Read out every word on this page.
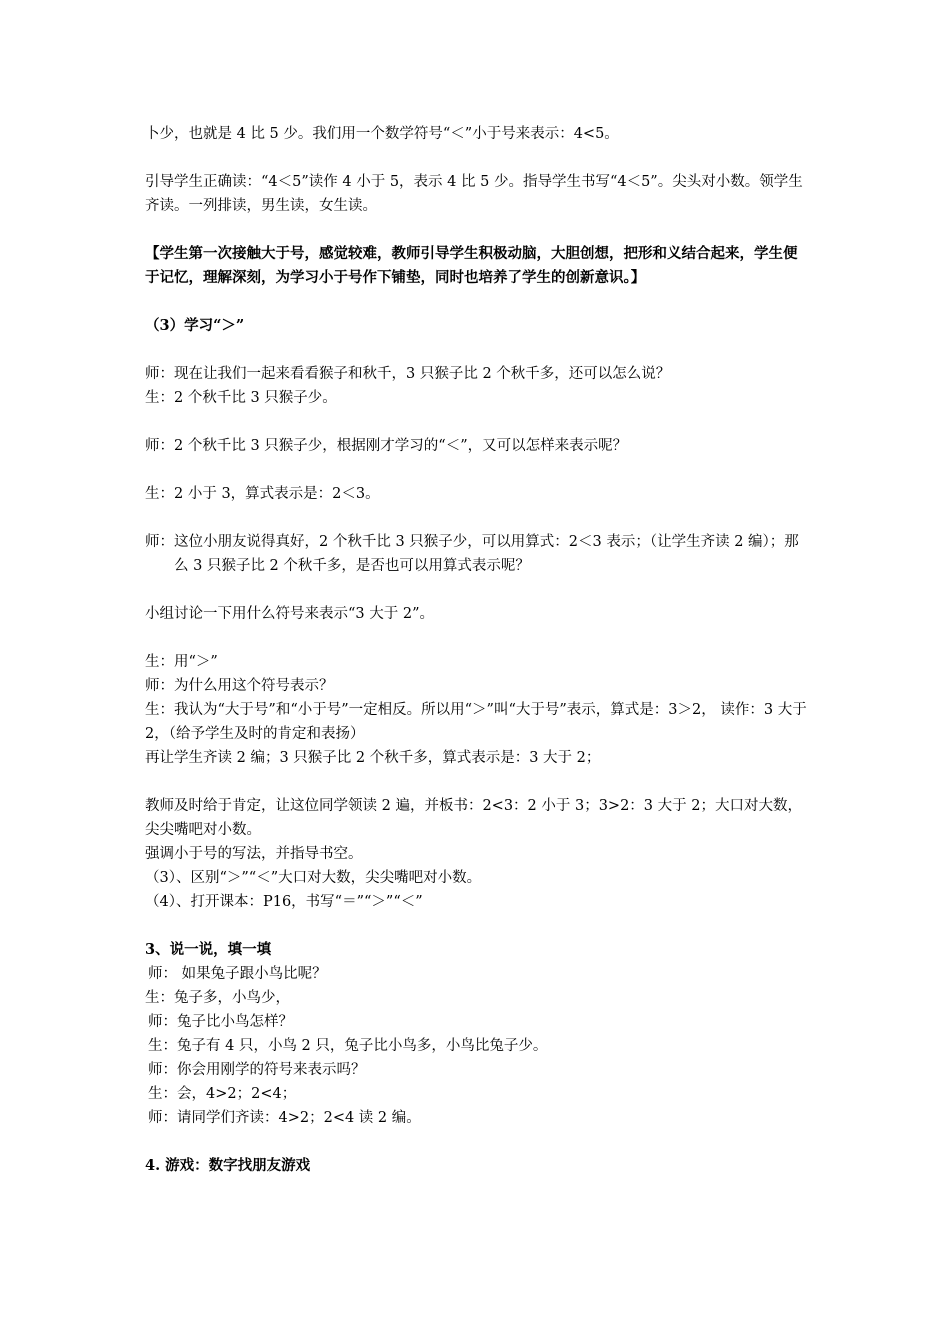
卜少，也就是 4 比 5 少。我们用一个数学符号“＜”小于号来表示：4<5。

引导学生正确读：“4＜5”读作 4 小于 5，表示 4 比 5 少。指导学生书写“4＜5”。尖头对小数。领学生齐读。一列排读，男生读，女生读。

【学生第一次接触大于号，感觉较难，教师引导学生积极动脑，大胆创想，把形和义结合起来，学生便于记忆，理解深刻，为学习小于号作下铺垫，同时也培养了学生的创新意识。】

（3）学习“＞”

师：现在让我们一起来看看猴子和秋千，3 只猴子比 2 个秋千多，还可以怎么说？

生：2 个秋千比 3 只猴子少。

师：2 个秋千比 3 只猴子少，根据刚才学习的“＜”，又可以怎样来表示呢？

生：2 小于 3，算式表示是：2＜3。

师：这位小朋友说得真好，2 个秋千比 3 只猴子少，可以用算式：2＜3 表示；（让学生齐读 2 编）；那么 3 只猴子比 2 个秋千多，是否也可以用算式表示呢？

小组讨论一下用什么符号来表示“3 大于 2”。

生：用“＞”

师：为什么用这个符号表示？

生：我认为“大于号”和“小于号”一定相反。所以用“＞”叫“大于号”表示，算式是：3＞2， 读作：3 大于 2，（给予学生及时的肯定和表扬）

再让学生齐读 2 编；3 只猴子比 2 个秋千多，算式表示是：3 大于 2；

教师及时给于肯定，让这位同学领读 2 遍，并板书：2<3：2 小于 3；3>2：3 大于 2；大口对大数，尖尖嘴吧对小数。

强调小于号的写法，并指导书空。

（3）、区别“＞”“＜”大口对大数，尖尖嘴吧对小数。

（4）、打开课本：P16，书写“＝”“＞”“＜”

3、说一说，填一填

师： 如果兔子跟小鸟比呢？

生：兔子多，小鸟少，

师：兔子比小鸟怎样？

生：兔子有 4 只，小鸟 2 只，兔子比小鸟多，小鸟比兔子少。

师：你会用刚学的符号来表示吗？

生：会，4>2；2<4；

师：请同学们齐读：4>2；2<4 读 2 编。

4. 游戏：数字找朋友游戏
